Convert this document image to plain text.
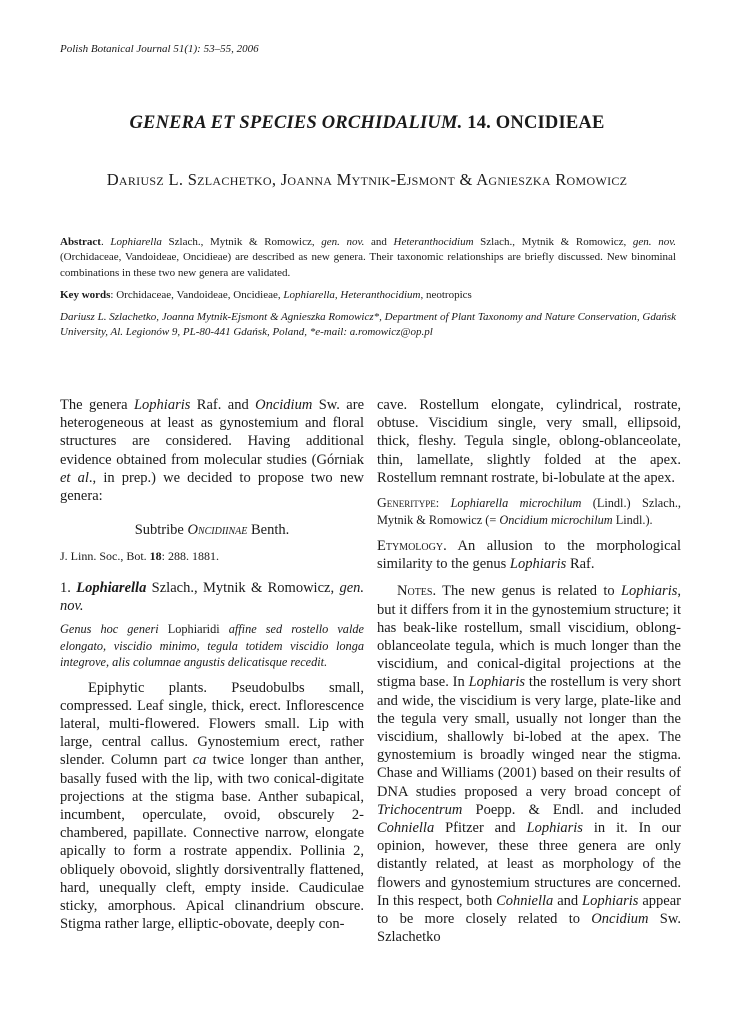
Polish Botanical Journal 51(1): 53–55, 2006
GENERA ET SPECIES ORCHIDALIUM. 14. ONCIDIEAE
Dariusz L. Szlachetko, Joanna Mytnik-Ejsmont & Agnieszka Romowicz
Abstract. Lophiarella Szlach., Mytnik & Romowicz, gen. nov. and Heteranthocidium Szlach., Mytnik & Romowicz, gen. nov. (Orchidaceae, Vandoideae, Oncidieae) are described as new genera. Their taxonomic relationships are briefly discussed. New binominal combinations in these two new genera are validated.
Key words: Orchidaceae, Vandoideae, Oncidieae, Lophiarella, Heteranthocidium, neotropics
Dariusz L. Szlachetko, Joanna Mytnik-Ejsmont & Agnieszka Romowicz*, Department of Plant Taxonomy and Nature Conservation, Gdańsk University, Al. Legionów 9, PL-80-441 Gdańsk, Poland, *e-mail: a.romowicz@op.pl

The genera Lophiaris Raf. and Oncidium Sw. are heterogeneous at least as gynostemium and floral structures are considered. Having additional evidence obtained from molecular studies (Górniak et al., in prep.) we decided to propose two new genera:

Subtribe Oncidiinae Benth.

J. Linn. Soc., Bot. 18: 288. 1881.

1. Lophiarella Szlach., Mytnik & Romowicz, gen. nov.

Genus hoc generi Lophiaridi affine sed rostello valde elongato, viscidio minimo, tegula totidem viscidio longa integrove, alis columnae angustis delicatisque recedit.

Epiphytic plants. Pseudobulbs small, compressed. Leaf single, thick, erect. Inflorescence lateral, multi-flowered. Flowers small. Lip with large, central callus. Gynostemium erect, rather slender. Column part ca twice longer than anther, basally fused with the lip, with two conical-digitate projections at the stigma base. Anther subapical, incumbent, operculate, ovoid, obscurely 2-chambered, papillate. Connective narrow, elongate apically to form a rostrate appendix. Pollinia 2, obliquely obovoid, slightly dorsiventrally flattened, hard, unequally cleft, empty inside. Caudiculae sticky, amorphous. Apical clinandrium obscure. Stigma rather large, elliptic-obovate, deeply con-

cave. Rostellum elongate, cylindrical, rostrate, obtuse. Viscidium single, very small, ellipsoid, thick, fleshy. Tegula single, oblong-oblanceolate, thin, lamellate, slightly folded at the apex. Rostellum remnant rostrate, bi-lobulate at the apex.

Generitype: Lophiarella microchilum (Lindl.) Szlach., Mytnik & Romowicz (= Oncidium microchilum Lindl.).

Etymology. An allusion to the morphological similarity to the genus Lophiaris Raf.

Notes. The new genus is related to Lophiaris, but it differs from it in the gynostemium structure; it has beak-like rostellum, small viscidium, oblong-oblanceolate tegula, which is much longer than the viscidium, and conical-digital projections at the stigma base. In Lophiaris the rostellum is very short and wide, the viscidium is very large, plate-like and the tegula very small, usually not longer than the viscidium, shallowly bi-lobed at the apex. The gynostemium is broadly winged near the stigma. Chase and Williams (2001) based on their results of DNA studies proposed a very broad concept of Trichocentrum Poepp. & Endl. and included Cohniella Pfitzer and Lophiaris in it. In our opinion, however, these three genera are only distantly related, at least as morphology of the flowers and gynostemium structures are concerned. In this respect, both Cohniella and Lophiaris appear to be more closely related to Oncidium Sw. Szlachetko
